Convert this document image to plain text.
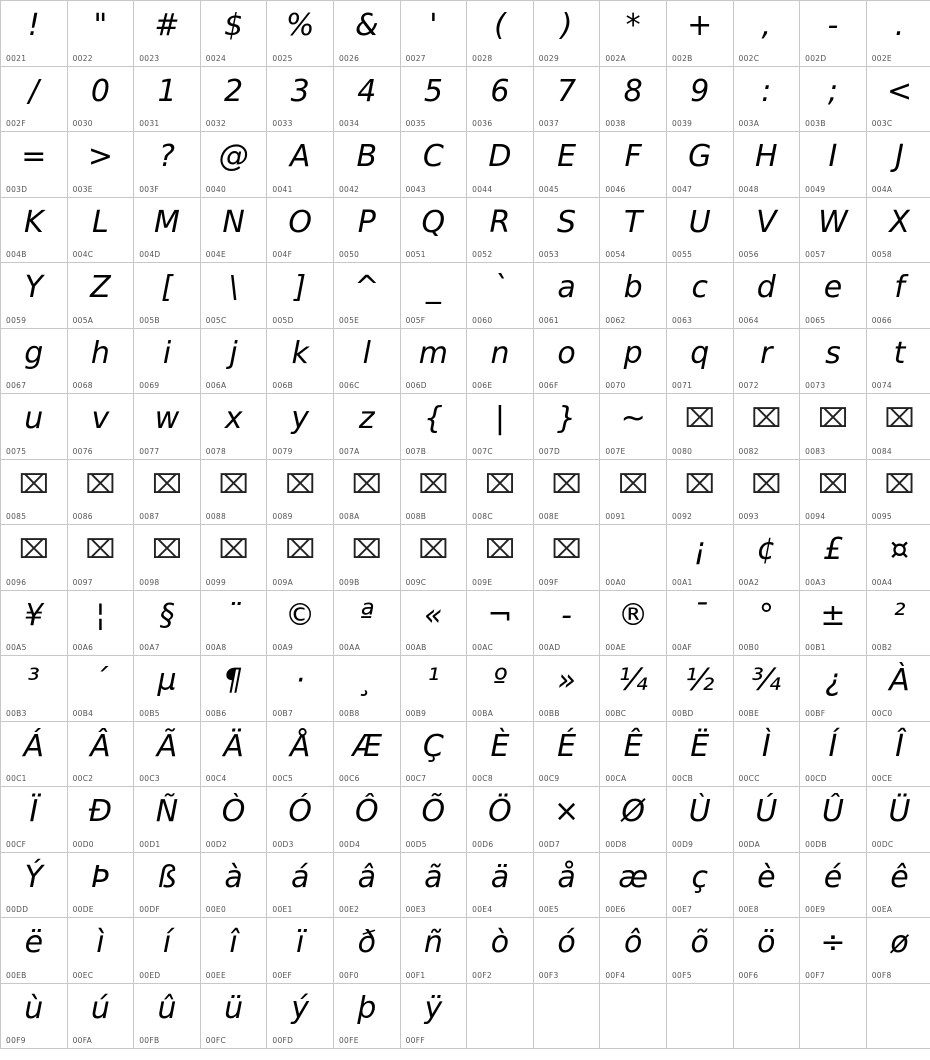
!
0021

"
0022

#
0023

$
0024

%
0025

&
0026

'
0027

(
0028

)
0029

*
002A

+
002B

,
002C

-
002D

.
002E

/
002F

0
0030

1
0031

2
0032

3
0033

4
0034

5
0035

6
0036

7
0037

8
0038

9
0039

:
003A

;
003B

<
003C

=
003D

>
003E

?
003F

@
0040

A
0041

B
0042

C
0043

D
0044

E
0045

F
0046

G
0047

H
0048

I
0049

J
004A

K
004B

L
004C

M
004D

N
004E

O
004F

P
0050

Q
0051

R
0052

S
0053

T
0054

U
0055

V
0056

W
0057

X
0058

Y
0059

Z
005A

[
005B

\
005C

]
005D

^
005E

_
005F

`
0060

a
0061

b
0062

c
0063

d
0064

e
0065

f
0066

g
0067

h
0068

i
0069

j
006A

k
006B

l
006C

m
006D

n
006E

o
006F

p
0070

q
0071

r
0072

s
0073

t
0074

u
0075

v
0076

w
0077

x
0078

y
0079

z
007A

{
007B

|
007C

}
007D

~
007E

⌧
0080

⌧
0082

⌧
0083

⌧
0084

⌧
0085

⌧
0086

⌧
0087

⌧
0088

⌧
0089

⌧
008A

⌧
008B

⌧
008C

⌧
008E

⌧
0091

⌧
0092

⌧
0093

⌧
0094

⌧
0095

⌧
0096

⌧
0097

⌧
0098

⌧
0099

⌧
009A

⌧
009B

⌧
009C

⌧
009E

⌧
009F	00A0

¡
00A1

¢
00A2

£
00A3

¤
00A4

¥
00A5

¦
00A6

§
00A7

¨
00A8

©
00A9

ª
00AA

«
00AB

¬
00AC

-
00AD

®
00AE

¯
00AF

°
00B0

±
00B1

²
00B2

³
00B3

´
00B4

µ
00B5

¶
00B6

·
00B7

¸
00B8

¹
00B9

º
00BA

»
00BB

¼
00BC

½
00BD

¾
00BE

¿
00BF

À
00C0

Á
00C1

Â
00C2

Ã
00C3

Ä
00C4

Å
00C5

Æ
00C6

Ç
00C7

È
00C8

É
00C9

Ê
00CA

Ë
00CB

Ì
00CC

Í
00CD

Î
00CE

Ï
00CF

Ð
00D0

Ñ
00D1

Ò
00D2

Ó
00D3

Ô
00D4

Õ
00D5

Ö
00D6

×
00D7

Ø
00D8

Ù
00D9

Ú
00DA

Û
00DB

Ü
00DC

Ý
00DD

Þ
00DE

ß
00DF

à
00E0

á
00E1

â
00E2

ã
00E3

ä
00E4

å
00E5

æ
00E6

ç
00E7

è
00E8

é
00E9

ê
00EA

ë
00EB

ì
00EC

í
00ED

î
00EE

ï
00EF

ð
00F0

ñ
00F1

ò
00F2

ó
00F3

ô
00F4

õ
00F5

ö
00F6

÷
00F7

ø
00F8

ù
00F9

ú
00FA

û
00FB

ü
00FC

ý
00FD

þ
00FE

ÿ
00FF
